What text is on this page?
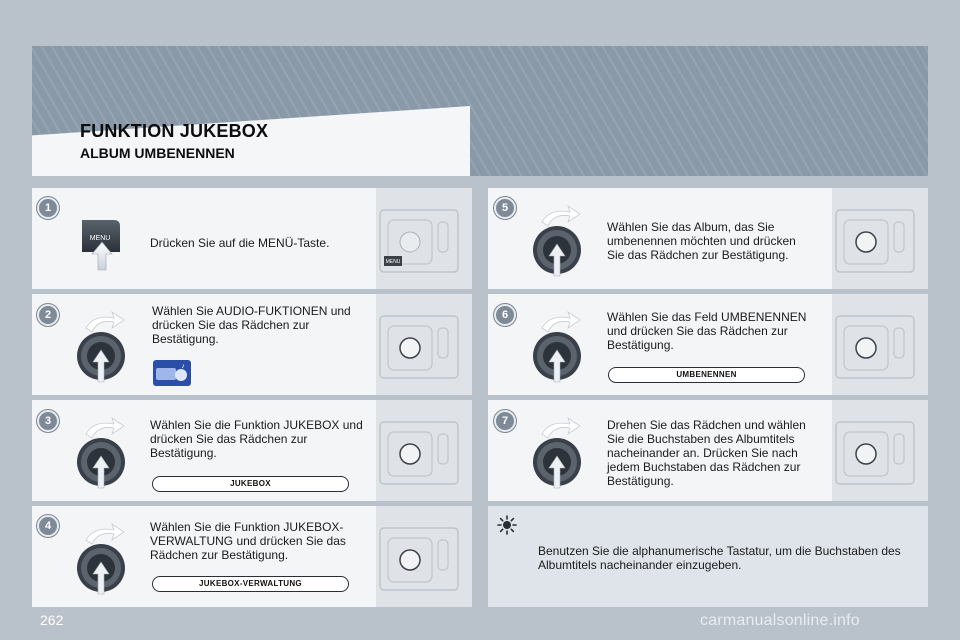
FUNKTION JUKEBOX
ALBUM UMBENENNEN
1
2
3
4
5
6
7
MENU	Drücken Sie auf die MENÜ-Taste.
Wählen Sie AUDIO-FUKTIONEN und drücken Sie das Rädchen zur Bestätigung.
♪
Wählen Sie die Funktion JUKEBOX und drücken Sie das Rädchen zur Bestätigung.
JUKEBOX
Wählen Sie die Funktion JUKEBOX-VERWALTUNG und drücken Sie das Rädchen zur Bestätigung.
JUKEBOX-VERWALTUNG
Wählen Sie das Album, das Sie umbenennen möchten und drücken Sie das Rädchen zur Bestätigung.
Wählen Sie das Feld UMBENENNEN und drücken Sie das Rädchen zur Bestätigung.
UMBENENNEN
Drehen Sie das Rädchen und wählen Sie die Buchstaben des Albumtitels nacheinander an. Drücken Sie nach jedem Buchstaben das Rädchen zur Bestätigung.
MENU
Benutzen Sie die alphanumerische Tastatur, um die Buchstaben des Albumtitels nacheinander einzugeben.
262	carmanualsonline.info
